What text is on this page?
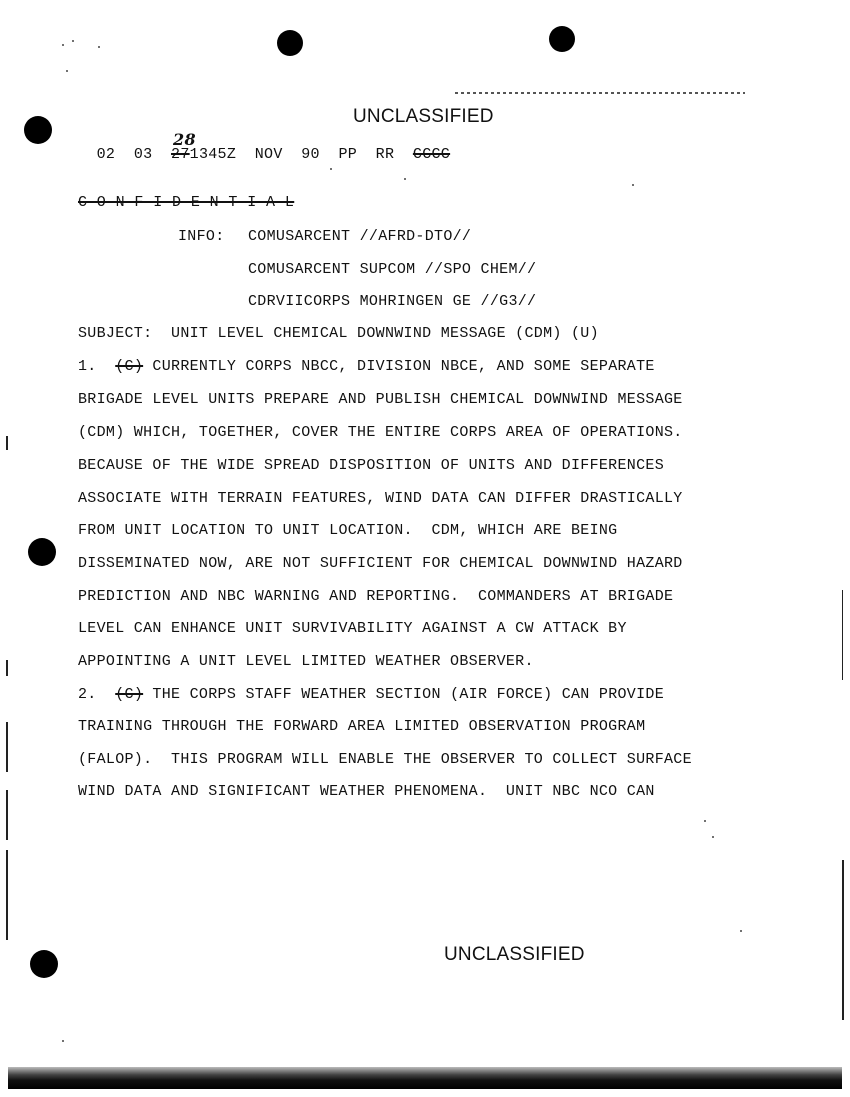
UNCLASSIFIED

02  03  27
28
1345Z  NOV  90  PP  RR  CCCC

C O N F I D E N T I A L
INFO: COMUSARCENT //AFRD-DTO//
COMUSARCENT SUPCOM //SPO CHEM//
CDRVIICORPS MOHRINGEN GE //G3//
SUBJECT:  UNIT LEVEL CHEMICAL DOWNWIND MESSAGE (CDM) (U)
1.  (C) CURRENTLY CORPS NBCC, DIVISION NBCE, AND SOME SEPARATE
BRIGADE LEVEL UNITS PREPARE AND PUBLISH CHEMICAL DOWNWIND MESSAGE
(CDM) WHICH, TOGETHER, COVER THE ENTIRE CORPS AREA OF OPERATIONS.
BECAUSE OF THE WIDE SPREAD DISPOSITION OF UNITS AND DIFFERENCES
ASSOCIATE WITH TERRAIN FEATURES, WIND DATA CAN DIFFER DRASTICALLY
FROM UNIT LOCATION TO UNIT LOCATION.  CDM, WHICH ARE BEING
DISSEMINATED NOW, ARE NOT SUFFICIENT FOR CHEMICAL DOWNWIND HAZARD
PREDICTION AND NBC WARNING AND REPORTING.  COMMANDERS AT BRIGADE
LEVEL CAN ENHANCE UNIT SURVIVABILITY AGAINST A CW ATTACK BY
APPOINTING A UNIT LEVEL LIMITED WEATHER OBSERVER.
2.  (C) THE CORPS STAFF WEATHER SECTION (AIR FORCE) CAN PROVIDE
TRAINING THROUGH THE FORWARD AREA LIMITED OBSERVATION PROGRAM
(FALOP).  THIS PROGRAM WILL ENABLE THE OBSERVER TO COLLECT SURFACE
WIND DATA AND SIGNIFICANT WEATHER PHENOMENA.  UNIT NBC NCO CAN
UNCLASSIFIED
